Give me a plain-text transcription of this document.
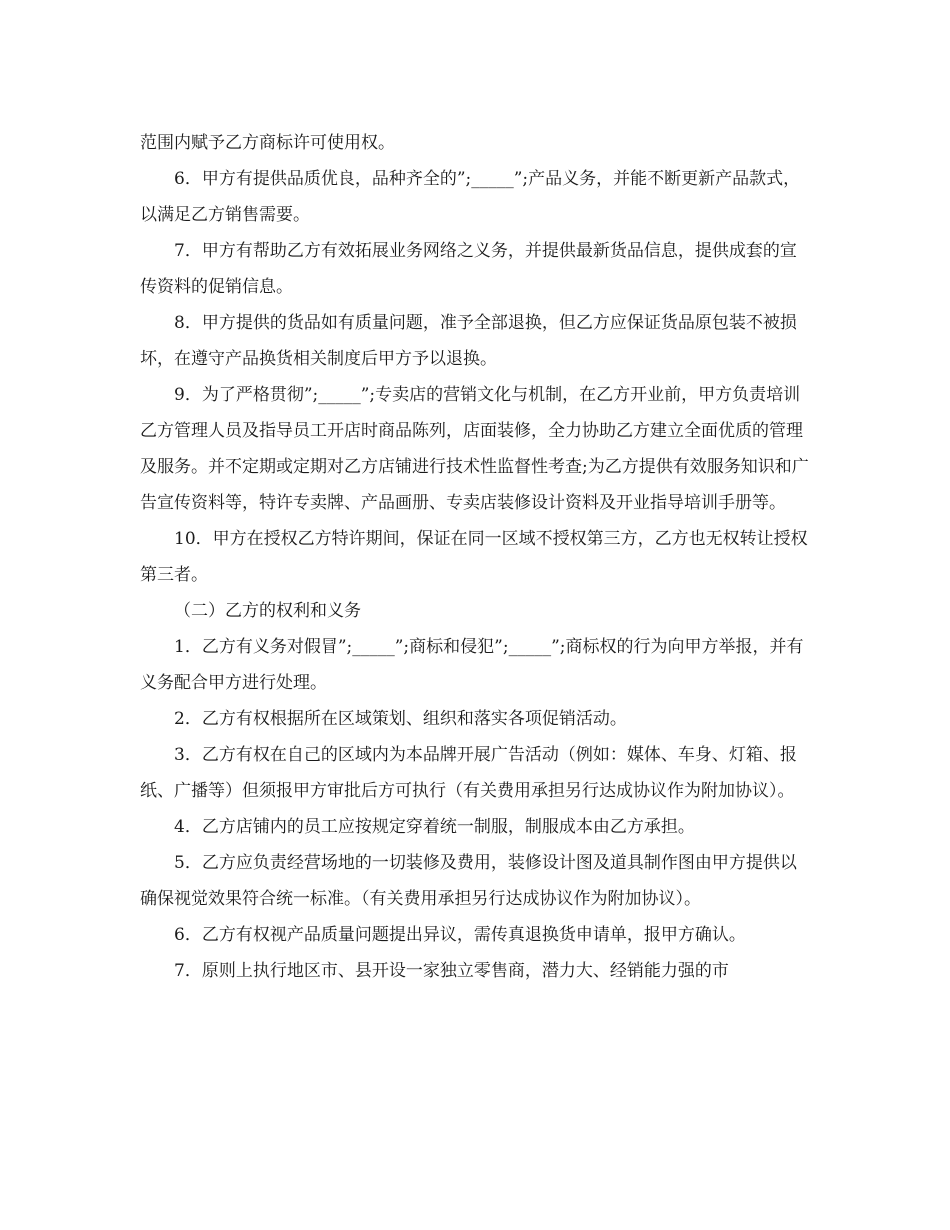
范围内赋予乙方商标许可使用权。

6．甲方有提供品质优良，品种齐全的”;_____”;产品义务，并能不断更新产品款式，以满足乙方销售需要。

7．甲方有帮助乙方有效拓展业务网络之义务，并提供最新货品信息，提供成套的宣传资料的促销信息。

8．甲方提供的货品如有质量问题，准予全部退换，但乙方应保证货品原包装不被损坏，在遵守产品换货相关制度后甲方予以退换。

9．为了严格贯彻”;_____”;专卖店的营销文化与机制，在乙方开业前，甲方负责培训乙方管理人员及指导员工开店时商品陈列，店面装修，全力协助乙方建立全面优质的管理及服务。并不定期或定期对乙方店铺进行技术性监督性考查;为乙方提供有效服务知识和广告宣传资料等，特许专卖牌、产品画册、专卖店装修设计资料及开业指导培训手册等。

10．甲方在授权乙方特许期间，保证在同一区域不授权第三方，乙方也无权转让授权第三者。

（二）乙方的权利和义务

1．乙方有义务对假冒”;_____”;商标和侵犯”;_____”;商标权的行为向甲方举报，并有义务配合甲方进行处理。

2．乙方有权根据所在区域策划、组织和落实各项促销活动。

3．乙方有权在自己的区域内为本品牌开展广告活动（例如：媒体、车身、灯箱、报纸、广播等）但须报甲方审批后方可执行（有关费用承担另行达成协议作为附加协议）。

4．乙方店铺内的员工应按规定穿着统一制服，制服成本由乙方承担。

5．乙方应负责经营场地的一切装修及费用，装修设计图及道具制作图由甲方提供以确保视觉效果符合统一标准。（有关费用承担另行达成协议作为附加协议）。

6．乙方有权视产品质量问题提出异议，需传真退换货申请单，报甲方确认。

7．原则上执行地区市、县开设一家独立零售商，潜力大、经销能力强的市
